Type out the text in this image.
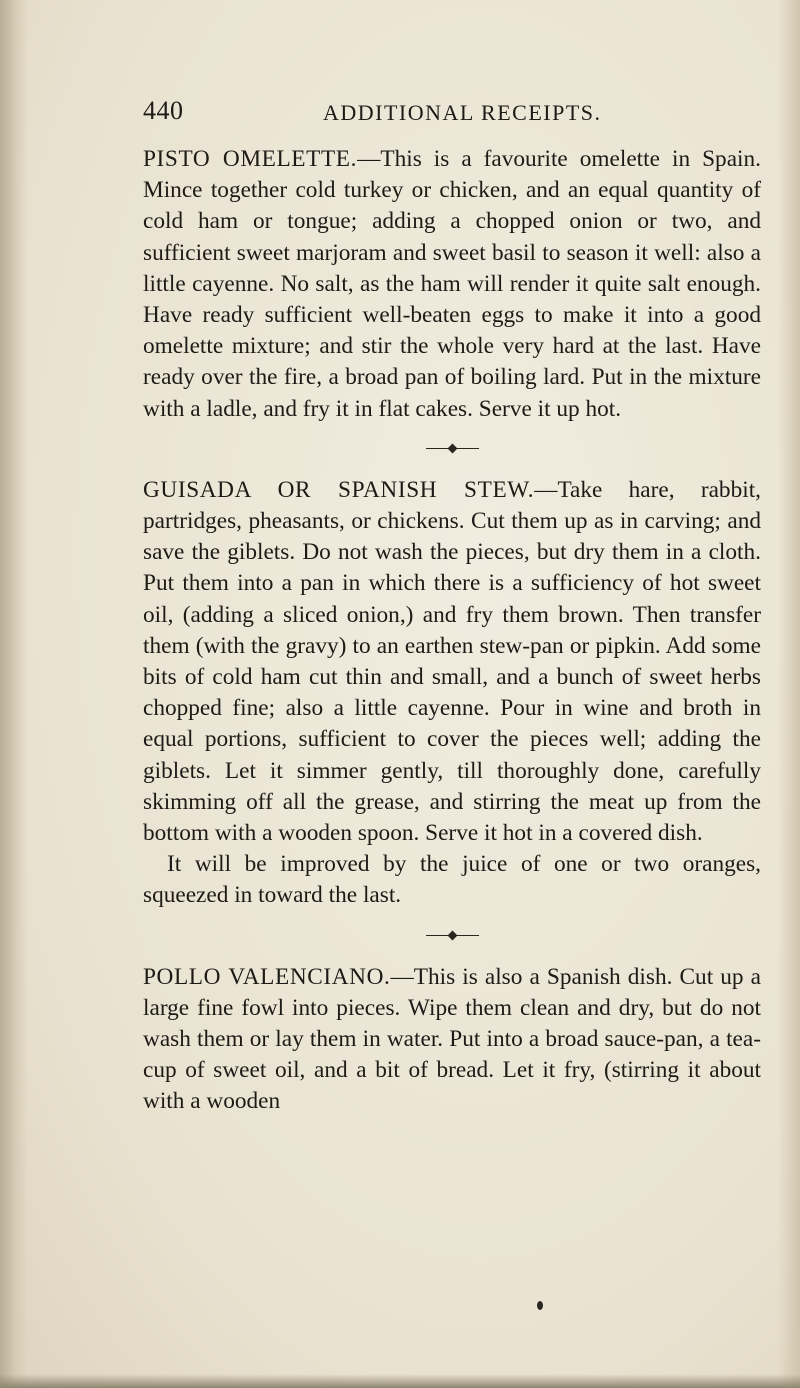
440	ADDITIONAL RECEIPTS.

PISTO OMELETTE.—This is a favourite omelette in Spain. Mince together cold turkey or chicken, and an equal quantity of cold ham or tongue; adding a chopped onion or two, and sufficient sweet marjoram and sweet basil to season it well: also a little cayenne. No salt, as the ham will render it quite salt enough. Have ready sufficient well-beaten eggs to make it into a good omelette mixture; and stir the whole very hard at the last. Have ready over the fire, a broad pan of boiling lard. Put in the mixture with a ladle, and fry it in flat cakes. Serve it up hot.

GUISADA OR SPANISH STEW.—Take hare, rabbit, partridges, pheasants, or chickens. Cut them up as in carving; and save the giblets. Do not wash the pieces, but dry them in a cloth. Put them into a pan in which there is a sufficiency of hot sweet oil, (adding a sliced onion,) and fry them brown. Then transfer them (with the gravy) to an earthen stew-pan or pipkin. Add some bits of cold ham cut thin and small, and a bunch of sweet herbs chopped fine; also a little cayenne. Pour in wine and broth in equal portions, sufficient to cover the pieces well; adding the giblets. Let it simmer gently, till thoroughly done, carefully skimming off all the grease, and stirring the meat up from the bottom with a wooden spoon. Serve it hot in a covered dish.

It will be improved by the juice of one or two oranges, squeezed in toward the last.

POLLO VALENCIANO.—This is also a Spanish dish. Cut up a large fine fowl into pieces. Wipe them clean and dry, but do not wash them or lay them in water. Put into a broad sauce-pan, a tea-cup of sweet oil, and a bit of bread. Let it fry, (stirring it about with a wooden
